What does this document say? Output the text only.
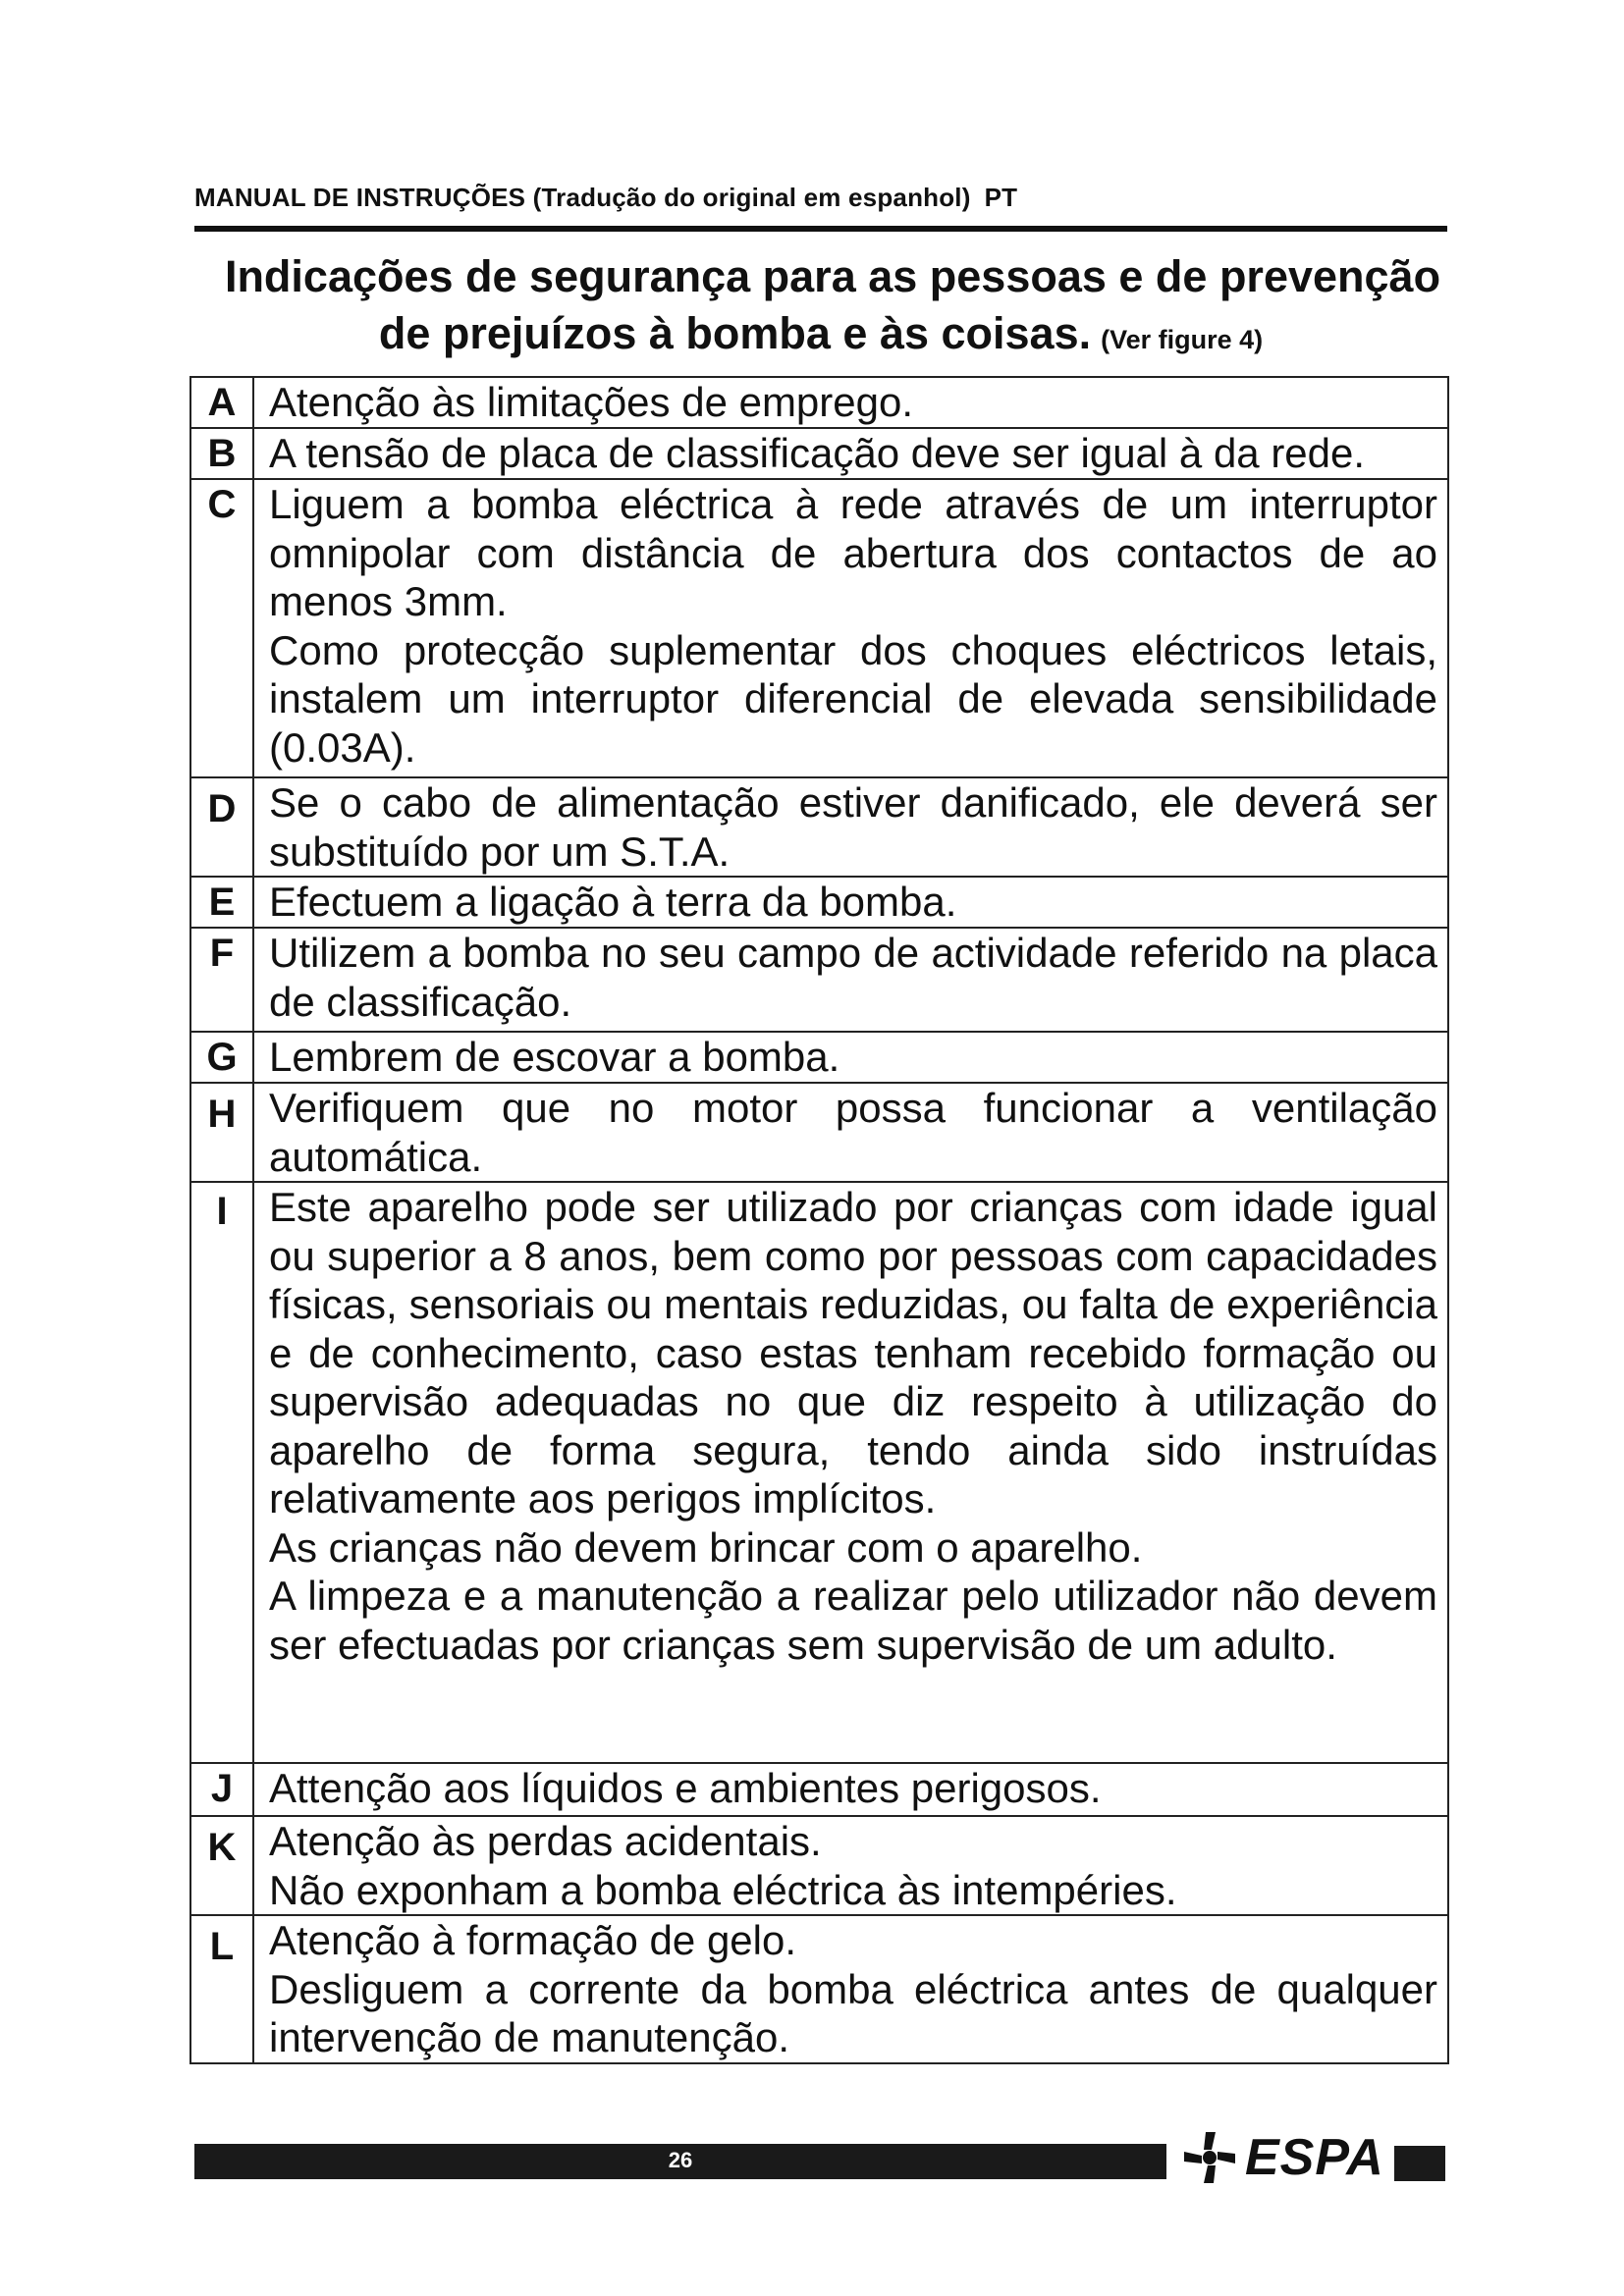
MANUAL DE INSTRUÇÕES (Tradução do original em espanhol) PT
Indicações de segurança para as pessoas e de prevenção
de prejuízos à bomba e às coisas. (Ver figure 4)
A	Atenção às limitações de emprego.

B	A tensão de placa de classificação deve ser igual à da rede.

C	Liguem a bomba eléctrica à rede através de um interruptor omnipolar com distância de abertura dos contactos de ao menos 3mm.

Como protecção suplementar dos choques eléctricos letais, instalem um interruptor diferencial de elevada sensibilidade (0.03A).

D	Se o cabo de alimentação estiver danificado, ele deverá ser substituído por um S.T.A.

E	Efectuem a ligação à terra da bomba.

F	Utilizem a bomba no seu campo de actividade referido na placa de classificação.

G	Lembrem de escovar a bomba.

H	Verifiquem que no motor possa funcionar a ventilação automática.

I	Este aparelho pode ser utilizado por crianças com idade igual ou superior a 8 anos, bem como por pessoas com capacidades físicas, sensoriais ou mentais reduzidas, ou falta de experiência e de conhecimento, caso estas tenham recebido formação ou supervisão adequadas no que diz respeito à utilização do aparelho de forma segura, tendo ainda sido instruídas relativamente aos perigos implícitos.

As crianças não devem brincar com o aparelho.

A limpeza e a manutenção a realizar pelo utilizador não devem ser efectuadas por crianças sem supervisão de um adulto.

J	Attenção aos líquidos e ambientes perigosos.

K	Atenção às perdas acidentais.

Não exponham a bomba eléctrica às intempéries.

L	Atenção à formação de gelo.

Desliguem a corrente da bomba eléctrica antes de qualquer intervenção de manutenção.

26	ESPA
